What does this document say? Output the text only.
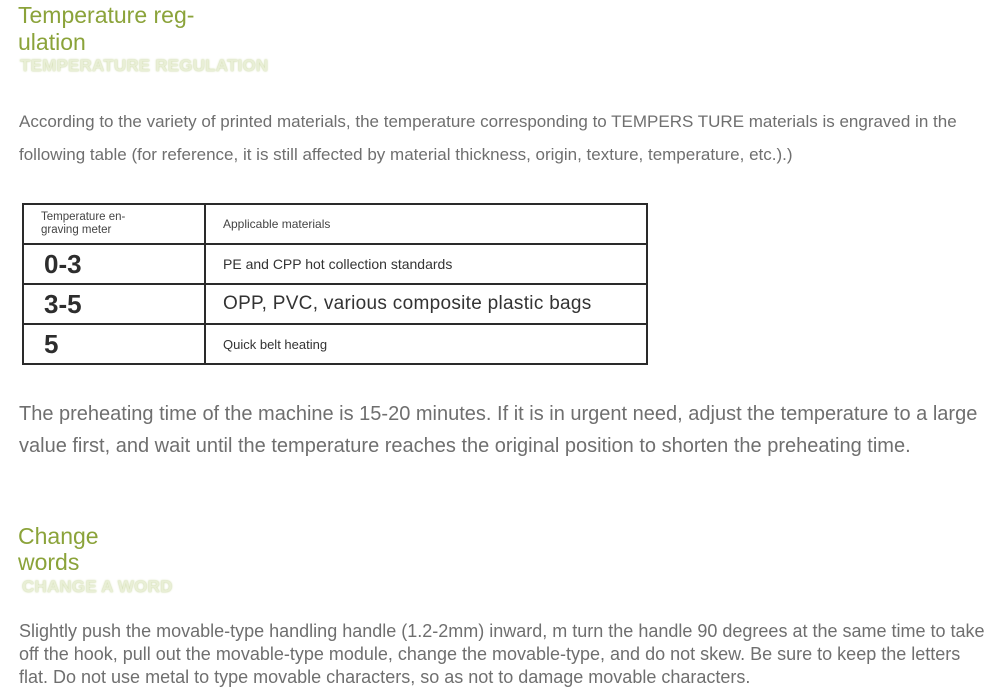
Temperature reg-
ulation
TEMPERATURE REGULATION
According to the variety of printed materials, the temperature corresponding to TEMPERS TURE materials is engraved in the following table (for reference, it is still affected by material thickness, origin, texture, temperature, etc.).)
Temperature en-
graving meter	Applicable materials
0-3	PE and CPP hot collection standards
3-5	OPP, PVC, various composite plastic bags
5	Quick belt heating
The preheating time of the machine is 15-20 minutes. If it is in urgent need, adjust the temperature to a large value first, and wait until the temperature reaches the original position to shorten the preheating time.
Change
words
CHANGE A WORD
Slightly push the movable-type handling handle (1.2-2mm) inward, m turn the handle 90 degrees at the same time to take off the hook, pull out the movable-type module, change the movable-type, and do not skew. Be sure to keep the letters flat. Do not use metal to type movable characters, so as not to damage movable characters.
